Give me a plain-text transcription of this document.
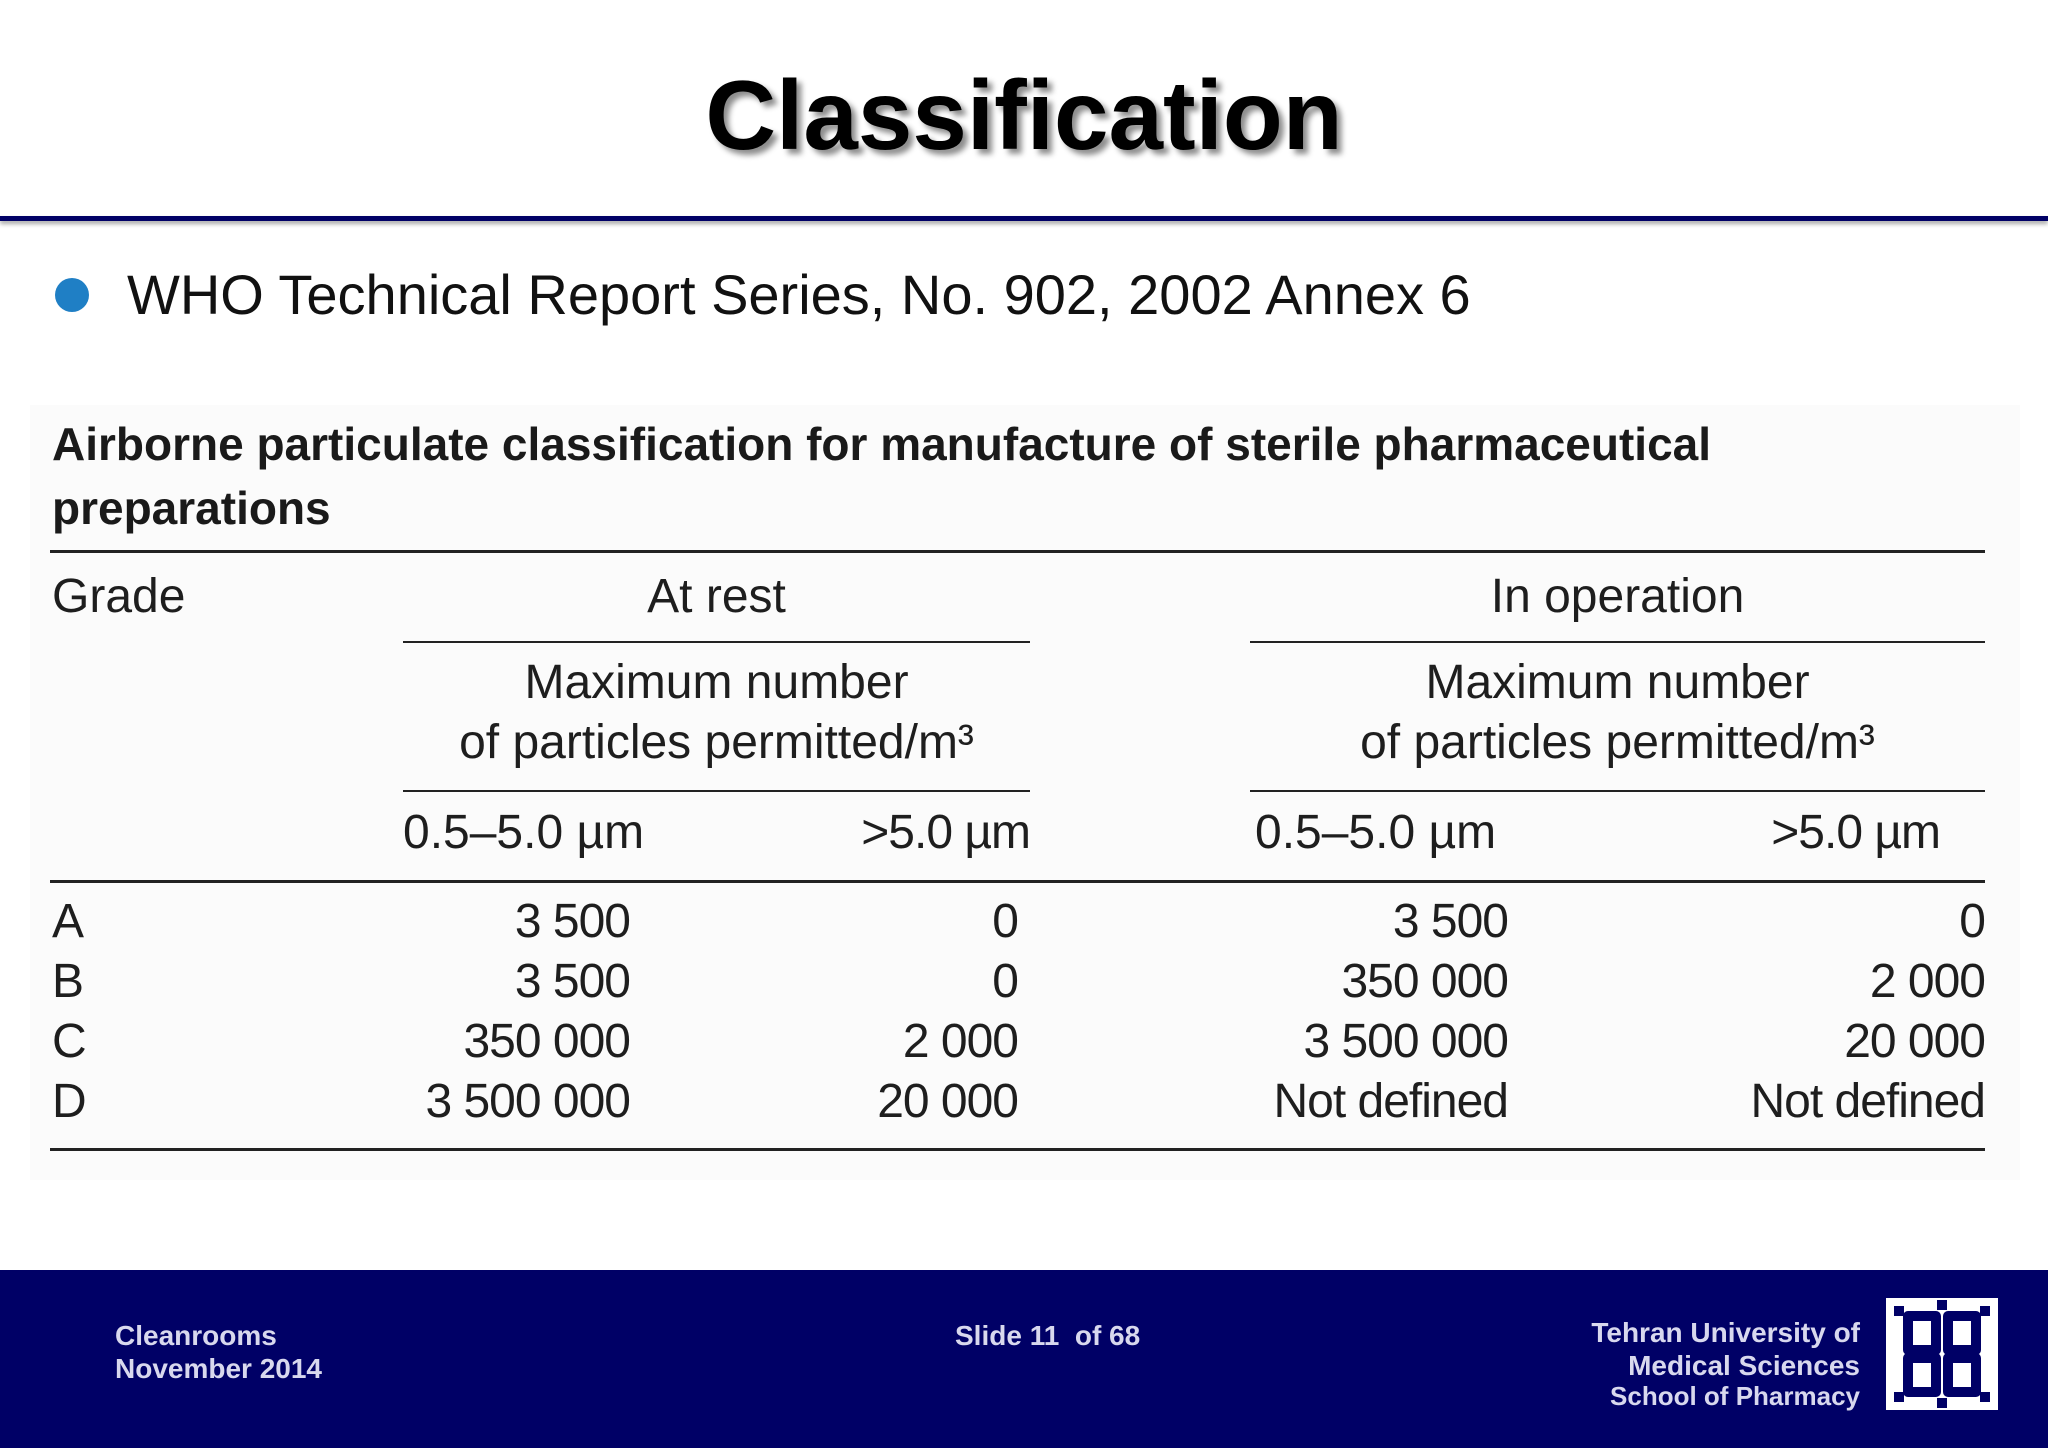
Classification
WHO Technical Report Series, No. 902, 2002 Annex 6
Airborne particulate classification for manufacture of sterile pharmaceutical preparations
Grade	At rest	In operation
Maximum number
of particles permitted/m³
Maximum number
of particles permitted/m³
0.5–5.0 µm	>5.0 µm	0.5–5.0 µm	>5.0 µm
A	3 500	0	3 500	0
B	3 500	0	350 000	2 000
C	350 000	2 000	3 500 000	20 000
D	3 500 000	20 000	Not defined	Not defined
Cleanrooms
November 2014
Slide 11  of 68	Tehran University of
Medical Sciences
School of Pharmacy
